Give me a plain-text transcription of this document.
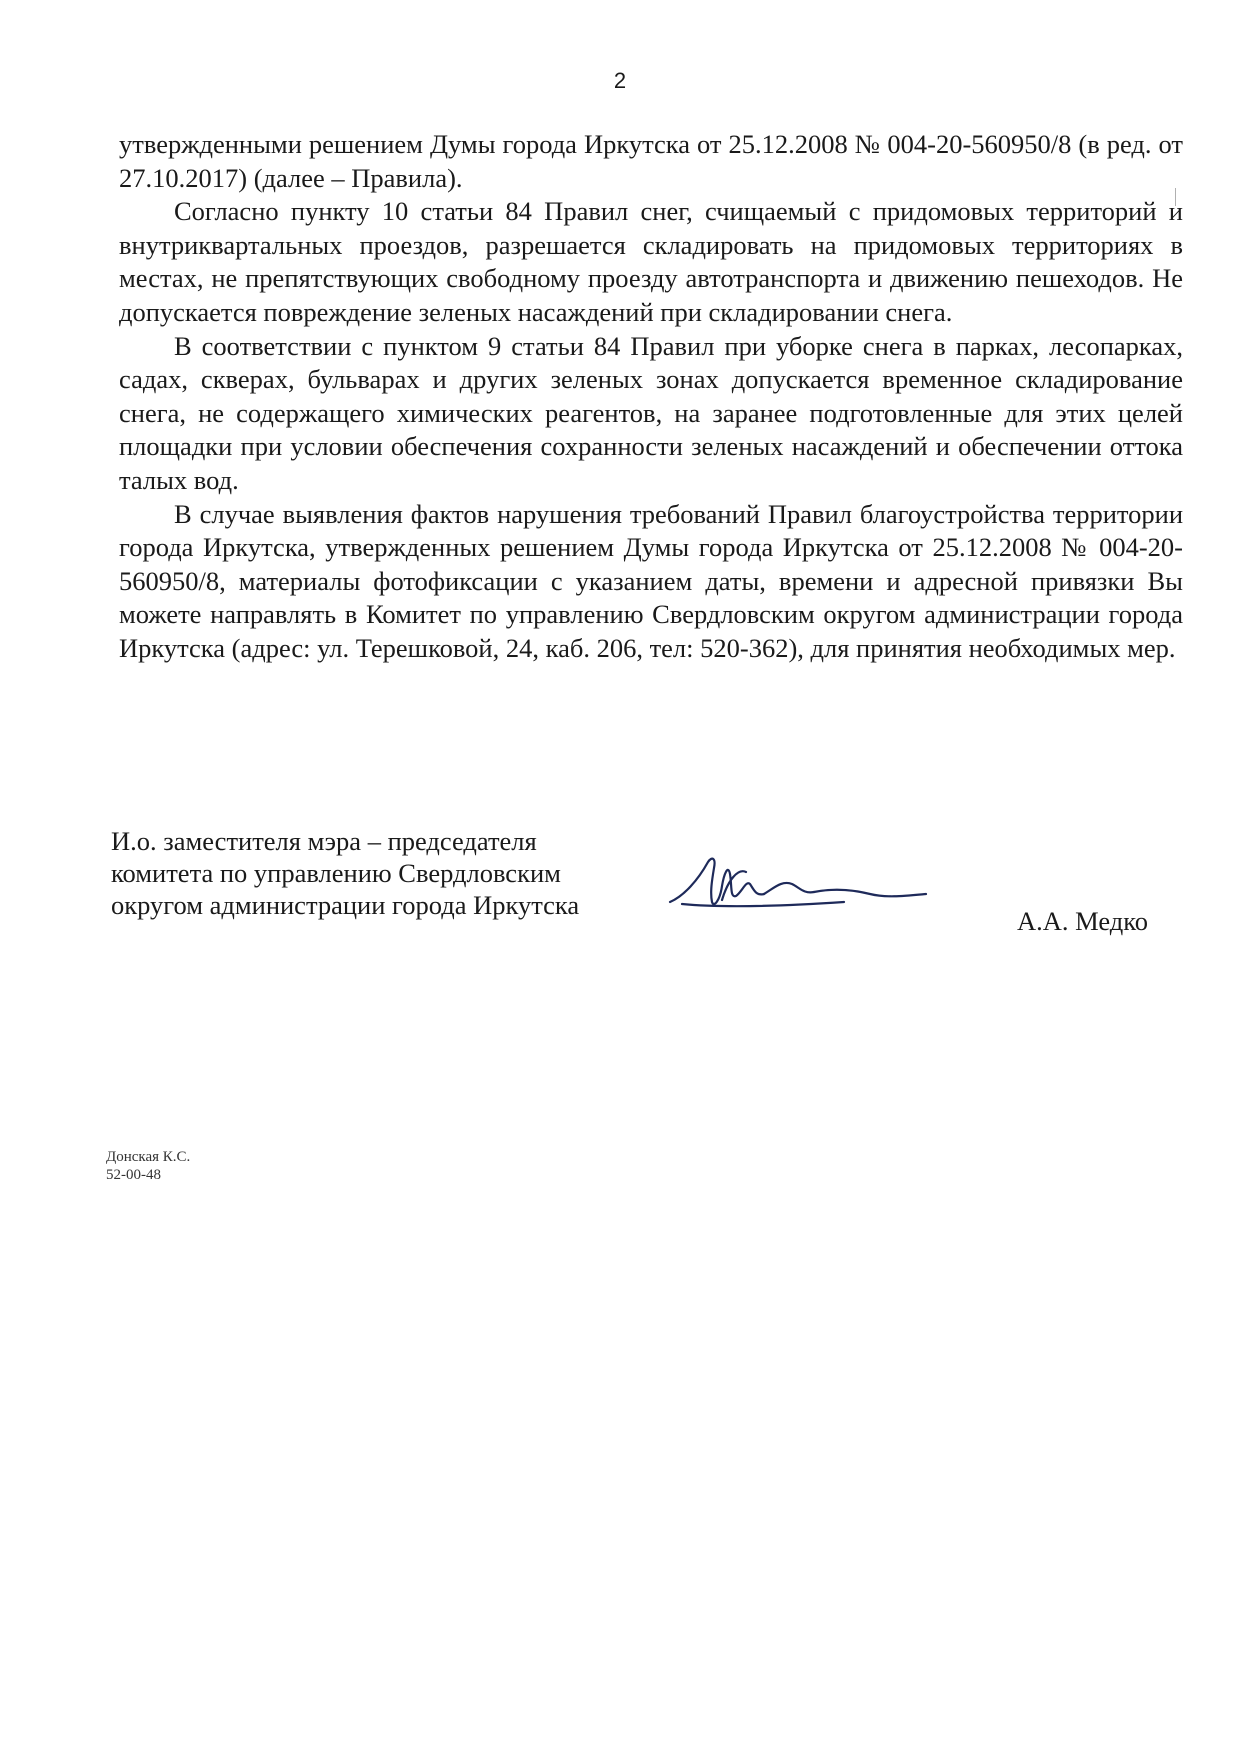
2

утвержденными решением Думы города Иркутска от 25.12.2008 № 004-20-560950/8 (в ред. от 27.10.2017) (далее – Правила).

Согласно пункту 10 статьи 84 Правил снег, счищаемый с придомовых территорий и внутриквартальных проездов, разрешается складировать на придомовых территориях в местах, не препятствующих свободному проезду автотранспорта и движению пешеходов. Не допускается повреждение зеленых насаждений при складировании снега.

В соответствии с пунктом 9 статьи 84 Правил при уборке снега в парках, лесопарках, садах, скверах, бульварах и других зеленых зонах допускается временное складирование снега, не содержащего химических реагентов, на заранее подготовленные для этих целей площадки при условии обеспечения сохранности зеленых насаждений и обеспечении оттока талых вод.

В случае выявления фактов нарушения требований Правил благоустройства территории города Иркутска, утвержденных решением Думы города Иркутска от 25.12.2008 № 004-20-560950/8, материалы фотофиксации с указанием даты, времени и адресной привязки Вы можете направлять в Комитет по управлению Свердловским округом администрации города Иркутска (адрес: ул. Терешковой, 24, каб. 206, тел: 520-362), для принятия необходимых мер.

И.о. заместителя мэра – председателя
комитета по управлению Свердловским
округом администрации города Иркутска
А.А. Медко
Донская К.С.
52-00-48
